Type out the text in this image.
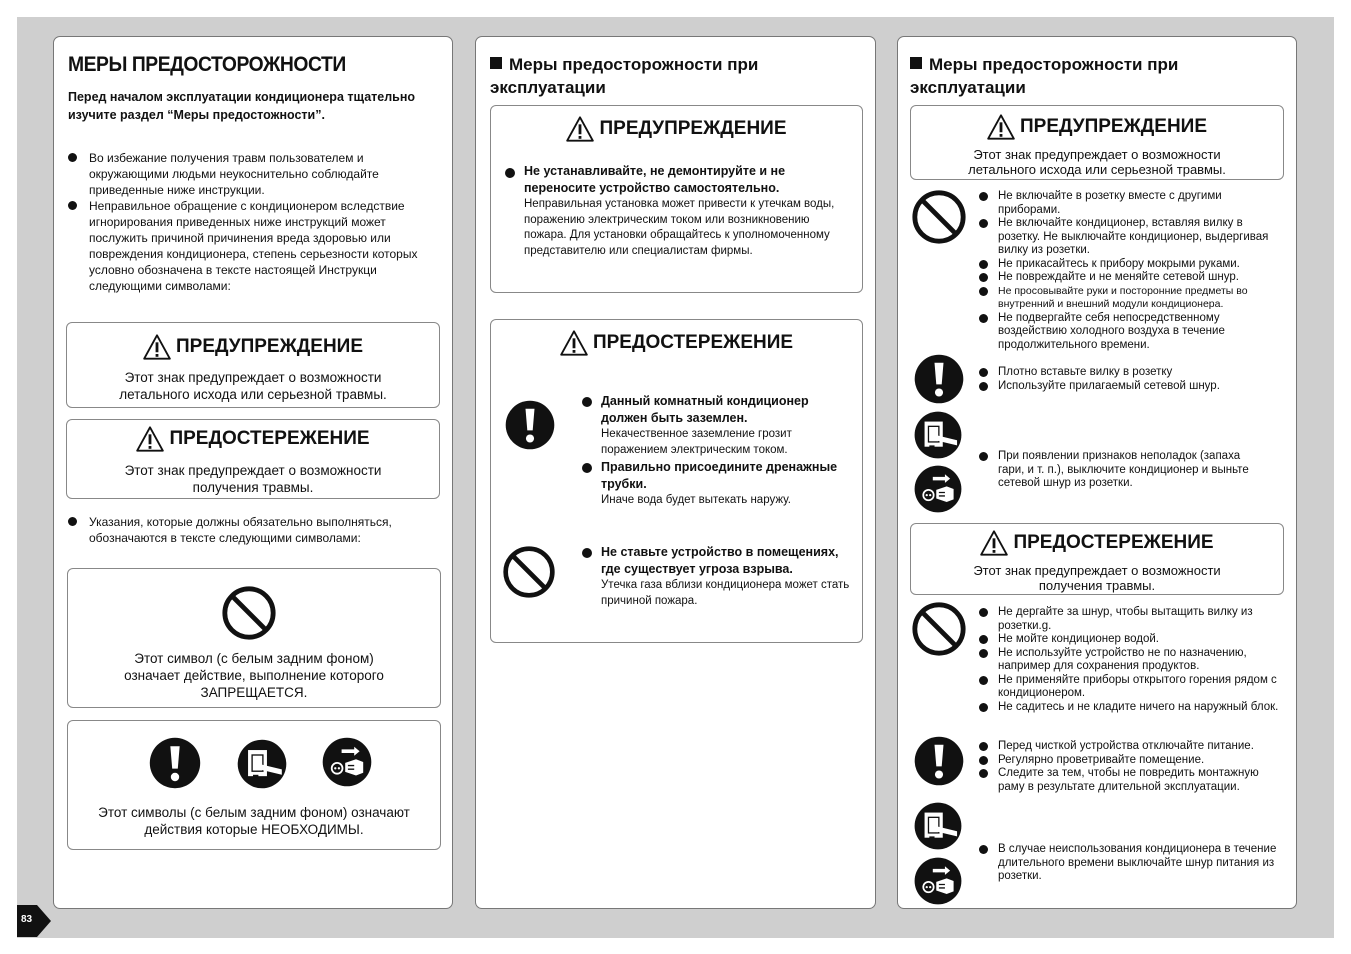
МЕРЫ ПРЕДОСТОРОЖНОСТИ
Перед началом эксплуатации кондиционера тщательно изучите раздел “Меры предостожности”.
Во избежание получения травм пользователем и окружающими людьми неукоснительно соблюдайте приведенные ниже инструкции.
Неправильное обращение с кондиционером вследствие игнорирования приведенных ниже инструкций может послужить причиной причинения вреда здоровью или повреждения кондиционера, степень серьезности которых условно обозначена в тексте настоящей Инструкци следующими символами:
ПРЕДУПРЕЖДЕНИЕ
Этот знак предупреждает о возможности летального исхода или серьезной травмы.
ПРЕДОСТЕРЕЖЕНИЕ
Этот знак предупреждает о возможности получения травмы.
Указания, которые должны обязательно выполняться, обозначаются в тексте следующими символами:
Этот символ (с белым задним фоном) означает действие, выполнение которого ЗАПРЕЩАЕТСЯ.
Этот символы (с белым задним фоном) означают действия которые НЕОБХОДИМЫ.
Меры предосторожности при эксплуатации
ПРЕДУПРЕЖДЕНИЕ
Не устанавливайте, не демонтируйте и не переносите устройство самостоятельно.
Неправильная установка может привести к утечкам воды, поражению электрическим током или возникновению пожара. Для установки обращайтесь к уполномоченному представителю или специалистам фирмы.
ПРЕДОСТЕРЕЖЕНИЕ
Данный комнатный кондиционер должен быть заземлен.
Некачественное заземление грозит поражением электрическим током.
Правильно присоедините дренажные трубки.
Иначе вода будет вытекать наружу.
Не ставьте устройство в помещениях, где существует угроза взрыва.
Утечка газа вблизи кондиционера может стать причиной пожара.
Меры предосторожности при эксплуатации
ПРЕДУПРЕЖДЕНИЕ
Этот знак предупреждает о возможности летального исхода или серьезной травмы.
Не включайте в розетку вместе с другими приборами.
Не включайте кондиционер, вставляя вилку в розетку. Не выключайте кондиционер, выдергивая вилку из розетки.
Не прикасайтесь к прибору мокрыми руками.
Не повреждайте и не меняйте сетевой шнур.
Не просовывайте руки и посторонние предметы во внутренний и внешний модули кондиционера.
Не подвергайте себя непосредственному воздействию холодного воздуха в течение продолжительного времени.
Плотно вставьте вилку в розетку
Используйте прилагаемый сетевой шнур.
При появлении признаков неполадок (запаха гари, и т. п.), выключите кондиционер и выньте сетевой шнур из розетки.
ПРЕДОСТЕРЕЖЕНИЕ
Этот знак предупреждает о возможности получения травмы.
Не дергайте за шнур, чтобы вытащить вилку из розетки.g.
Не мойте кондиционер водой.
Не используйте устройство не по назначению, например для сохранения продуктов.
Не применяйте приборы открытого горения рядом с кондиционером.
Не садитесь и не кладите ничего на наружный блок.
Перед чисткой устройства отключайте питание.
Регулярно проветривайте помещение.
Следите за тем, чтобы не повредить монтажную раму в результате длительной эксплуатации.
В случае неиспользования кондиционера в течение длительного времени выключайте шнур питания из розетки.
83
